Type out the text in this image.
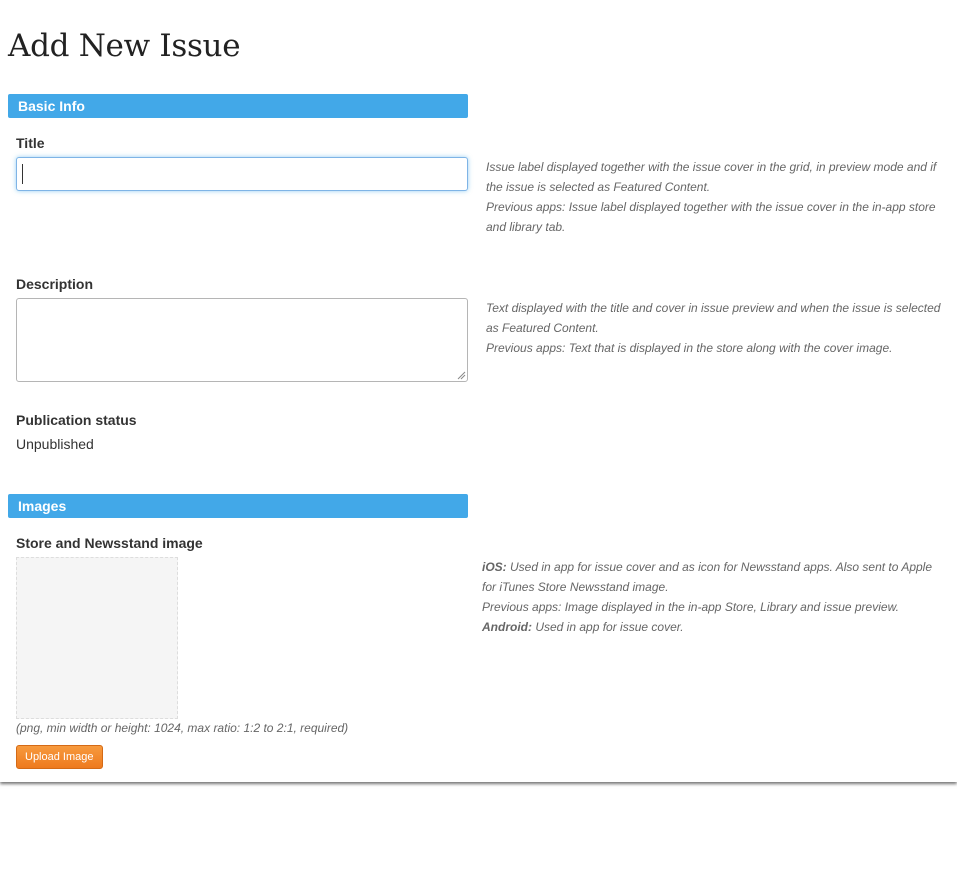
Add New Issue
Basic Info
Title

Issue label displayed together with the issue cover in the grid, in preview mode and if the issue is selected as Featured Content.

Previous apps: Issue label displayed together with the issue cover in the in-app store and library tab.

Description

Text displayed with the title and cover in issue preview and when the issue is selected as Featured Content.

Previous apps: Text that is displayed in the store along with the cover image.

Publication status
Unpublished
Images
Store and Newsstand image

iOS: Used in app for issue cover and as icon for Newsstand apps. Also sent to Apple for iTunes Store Newsstand image.

Previous apps: Image displayed in the in-app Store, Library and issue preview.

Android: Used in app for issue cover.

(png, min width or height: 1024, max ratio: 1:2 to 2:1, required)
Upload Image
